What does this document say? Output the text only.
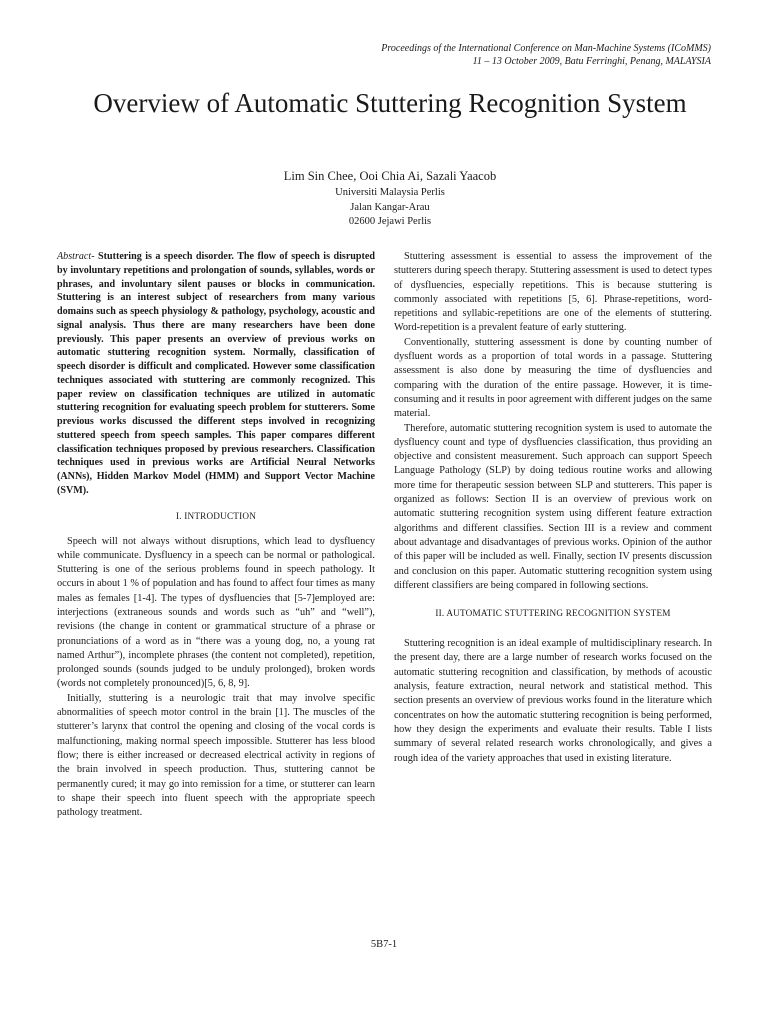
Proceedings of the International Conference on Man-Machine Systems (ICoMMS)
11 – 13 October 2009, Batu Ferringhi, Penang, MALAYSIA
Overview of Automatic Stuttering Recognition System
Lim Sin Chee, Ooi Chia Ai, Sazali Yaacob
Universiti Malaysia Perlis
Jalan Kangar-Arau
02600 Jejawi Perlis

Abstract- Stuttering is a speech disorder. The flow of speech is disrupted by involuntary repetitions and prolongation of sounds, syllables, words or phrases, and involuntary silent pauses or blocks in communication. Stuttering is an interest subject of researchers from many various domains such as speech physiology & pathology, psychology, acoustic and signal analysis. Thus there are many researchers have been done previously. This paper presents an overview of previous works on automatic stuttering recognition system. Normally, classification of speech disorder is difficult and complicated. However some classification techniques associated with stuttering are commonly recognized. This paper review on classification techniques are utilized in automatic stuttering recognition for evaluating speech problem for stutterers. Some previous works discussed the different steps involved in recognizing stuttered speech from speech samples. This paper compares different classification techniques proposed by previous researchers. Classification techniques used in previous works are Artificial Neural Networks (ANNs), Hidden Markov Model (HMM) and Support Vector Machine (SVM).

I. INTRODUCTION

Speech will not always without disruptions, which lead to dysfluency while communicate. Dysfluency in a speech can be normal or pathological. Stuttering is one of the serious problems found in speech pathology. It occurs in about 1 % of population and has found to affect four times as many males as females [1-4]. The types of dysfluencies that [5-7]employed are: interjections (extraneous sounds and words such as “uh” and “well”), revisions (the change in content or grammatical structure of a phrase or pronunciations of a word as in “there was a young dog, no, a young rat named Arthur”), incomplete phrases (the content not completed), repetition, prolonged sounds (sounds judged to be unduly prolonged), broken words (words not completely pronounced)[5, 6, 8, 9].

Initially, stuttering is a neurologic trait that may involve specific abnormalities of speech motor control in the brain [1]. The muscles of the stutterer’s larynx that control the opening and closing of the vocal cords is malfunctioning, making normal speech impossible. Stutterer has less blood flow; there is either increased or decreased electrical activity in regions of the brain involved in speech production. Thus, stuttering cannot be permanently cured; it may go into remission for a time, or stutterer can learn to shape their speech into fluent speech with the appropriate speech pathology treatment.

Stuttering assessment is essential to assess the improvement of the stutterers during speech therapy. Stuttering assessment is used to detect types of dysfluencies, especially repetitions. This is because stuttering is commonly associated with repetitions [5, 6]. Phrase-repetitions, word-repetitions and syllabic-repetitions are one of the elements of stuttering. Word-repetition is a prevalent feature of early stuttering.

Conventionally, stuttering assessment is done by counting number of dysfluent words as a proportion of total words in a passage. Stuttering assessment is also done by measuring the time of dysfluencies and comparing with the duration of the entire passage. However, it is time-consuming and it results in poor agreement with different judges on the same material.

Therefore, automatic stuttering recognition system is used to automate the dysfluency count and type of dysfluencies classification, thus providing an objective and consistent measurement. Such approach can support Speech Language Pathology (SLP) by doing tedious routine works and allowing more time for therapeutic session between SLP and stutterers. This paper is organized as follows: Section II is an overview of previous work on automatic stuttering recognition system using different feature extraction algorithms and different classifies. Section III is a review and comment about advantage and disadvantages of previous works. Opinion of the author of this paper will be included as well. Finally, section IV presents discussion and conclusion on this paper. Automatic stuttering recognition system using different classifiers are being compared in following sections.

II. AUTOMATIC STUTTERING RECOGNITION SYSTEM

Stuttering recognition is an ideal example of multidisciplinary research. In the present day, there are a large number of research works focused on the automatic stuttering recognition and classification, by methods of acoustic analysis, feature extraction, neural network and statistical method. This section presents an overview of previous works found in the literature which concentrates on how the automatic stuttering recognition is being performed, how they design the experiments and evaluate their results. Table I lists summary of several related research works chronologically, and gives a rough idea of the variety approaches that used in existing literature.

5B7-1
